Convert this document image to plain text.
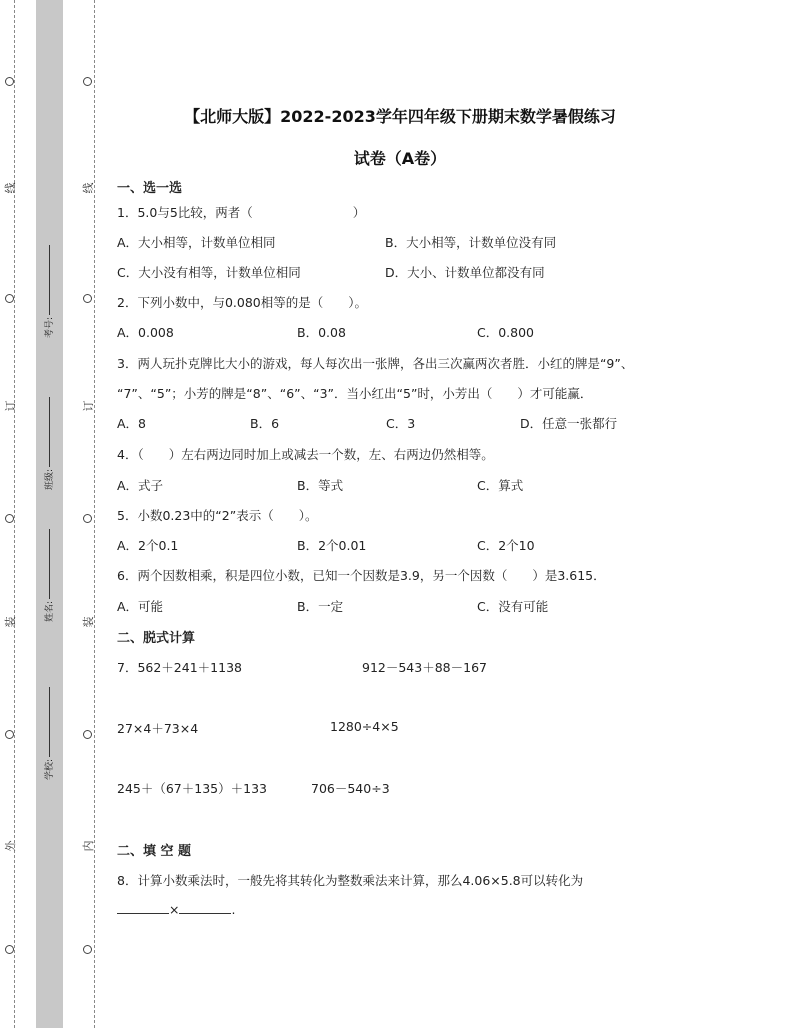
线
订
装
外
线
订
装
内
考号:
班级:
姓名:
学校:
【北师大版】2022-2023学年四年级下册期末数学暑假练习
试卷（A卷）
一、选一选
1．5.0与5比较，两者（　　　　　　　　）
A．大小相等，计数单位相同	B．大小相等，计数单位没有同
C．大小没有相等，计数单位相同	D．大小、计数单位都没有同
2．下列小数中，与0.080相等的是（　　）。
A．0.008	B．0.08	C．0.800
3．两人玩扑克牌比大小的游戏，每人每次出一张牌，各出三次赢两次者胜．小红的牌是“9”、
“7”、“5”；小芳的牌是“8”、“6”、“3”．当小红出“5”时，小芳出（　　）才可能赢．
A．8	B．6	C．3	D．任意一张都行
4．（　　）左右两边同时加上或减去一个数，左、右两边仍然相等。
A．式子	B．等式	C．算式
5．小数0.23中的“2”表示（　　）。
A．2个0.1	B．2个0.01	C．2个10
6．两个因数相乘，积是四位小数，已知一个因数是3.9，另一个因数（　　）是3.615．
A．可能	B．一定	C．没有可能
二、脱式计算
7．562＋241＋1138	912－543＋88－167
27×4＋73×4	1280÷4×5
245＋（67＋135）＋133	706－540÷3
二、填 空 题
8．计算小数乘法时，一般先将其转化为整数乘法来计算，那么4.06×5.8可以转化为
×	.
